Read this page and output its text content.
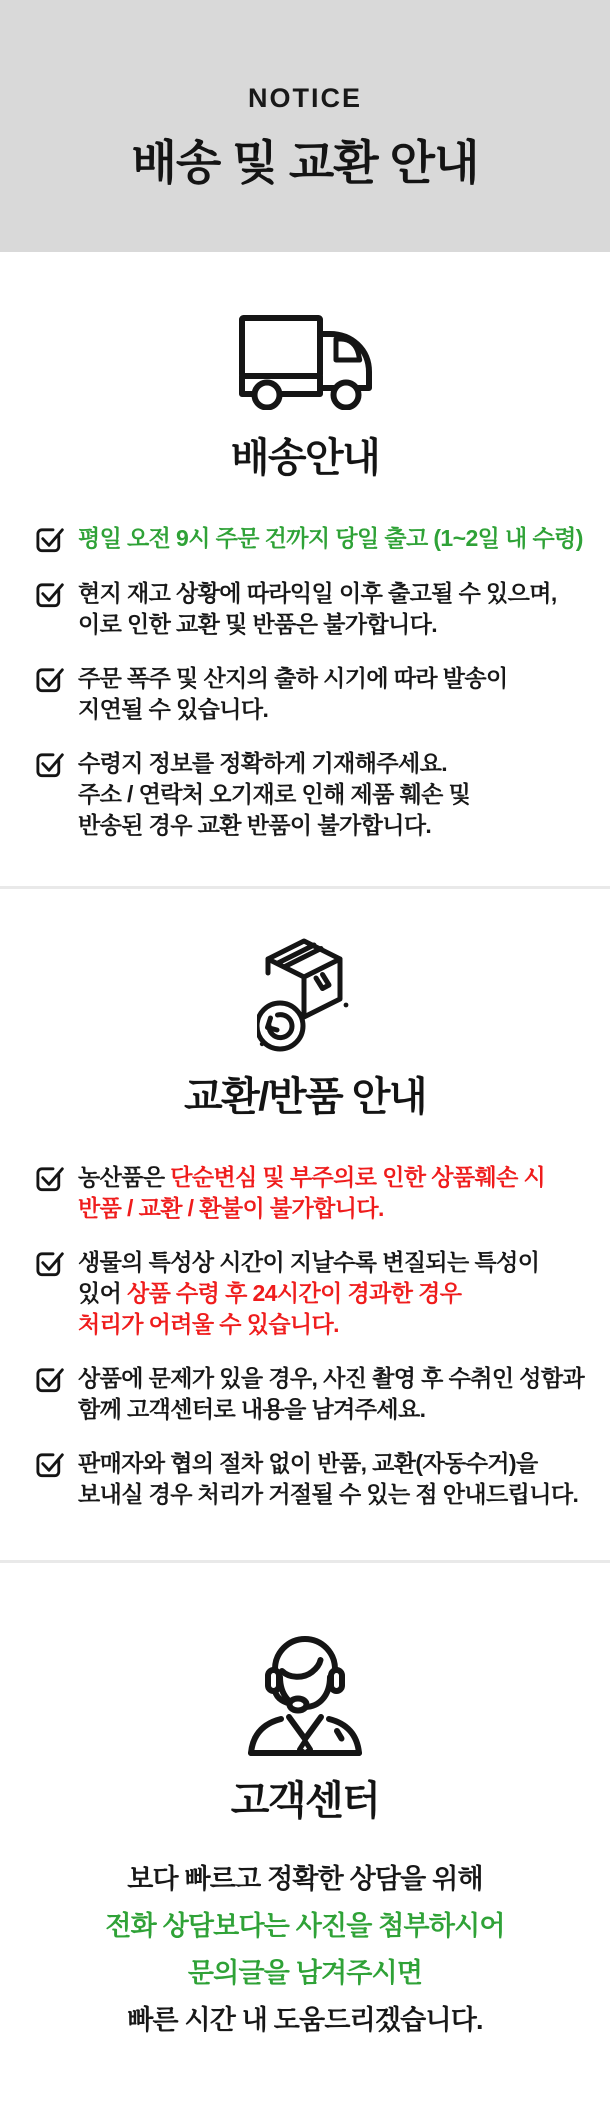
NOTICE
배송 및 교환 안내
배송안내
평일 오전 9시 주문 건까지 당일 출고 (1~2일 내 수령)
현지 재고 상황에 따라익일 이후 출고될 수 있으며,
이로 인한 교환 및 반품은 불가합니다.
주문 폭주 및 산지의 출하 시기에 따라 발송이
지연될 수 있습니다.
수령지 정보를 정확하게 기재해주세요.
주소 / 연락처 오기재로 인해 제품 훼손 및
반송된 경우 교환 반품이 불가합니다.
교환/반품 안내
농산품은 단순변심 및 부주의로 인한 상품훼손 시
반품 / 교환 / 환불이 불가합니다.
생물의 특성상 시간이 지날수록 변질되는 특성이
있어 상품 수령 후 24시간이 경과한 경우
처리가 어려울 수 있습니다.
상품에 문제가 있을 경우, 사진 촬영 후 수취인 성함과
함께 고객센터로 내용을 남겨주세요.
판매자와 협의 절차 없이 반품, 교환(자동수거)을
보내실 경우 처리가 거절될 수 있는 점 안내드립니다.
고객센터
보다 빠르고 정확한 상담을 위해
전화 상담보다는 사진을 첨부하시어
문의글을 남겨주시면
빠른 시간 내 도움드리겠습니다.
